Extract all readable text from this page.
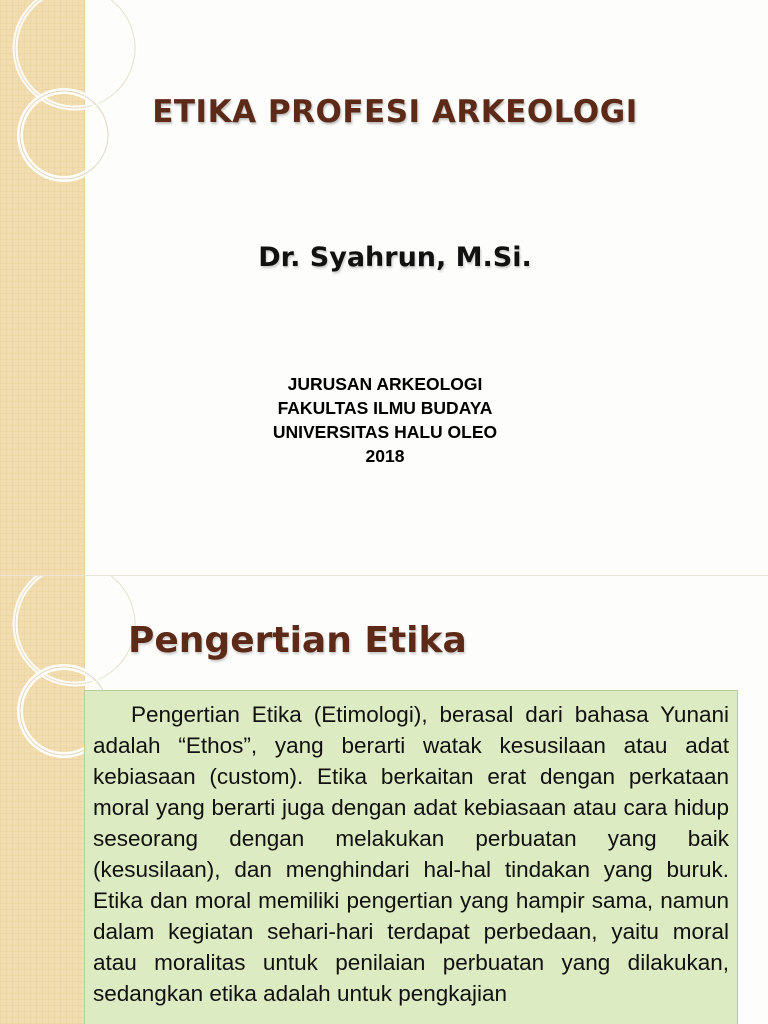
ETIKA PROFESI ARKEOLOGI
Dr. Syahrun, M.Si.
JURUSAN ARKEOLOGI
FAKULTAS ILMU BUDAYA
UNIVERSITAS HALU OLEO
2018
Pengertian Etika

Pengertian Etika (Etimologi), berasal dari bahasa Yunani adalah “Ethos”, yang berarti watak kesusilaan atau adat kebiasaan (custom). Etika berkaitan erat dengan perkataan moral yang berarti juga dengan adat kebiasaan atau cara hidup seseorang dengan melakukan perbuatan yang baik (kesusilaan), dan menghindari hal-hal tindakan yang buruk. Etika dan moral memiliki pengertian yang hampir sama, namun dalam kegiatan sehari-hari terdapat perbedaan, yaitu moral atau moralitas untuk penilaian perbuatan yang dilakukan, sedangkan etika adalah untuk pengkajian
